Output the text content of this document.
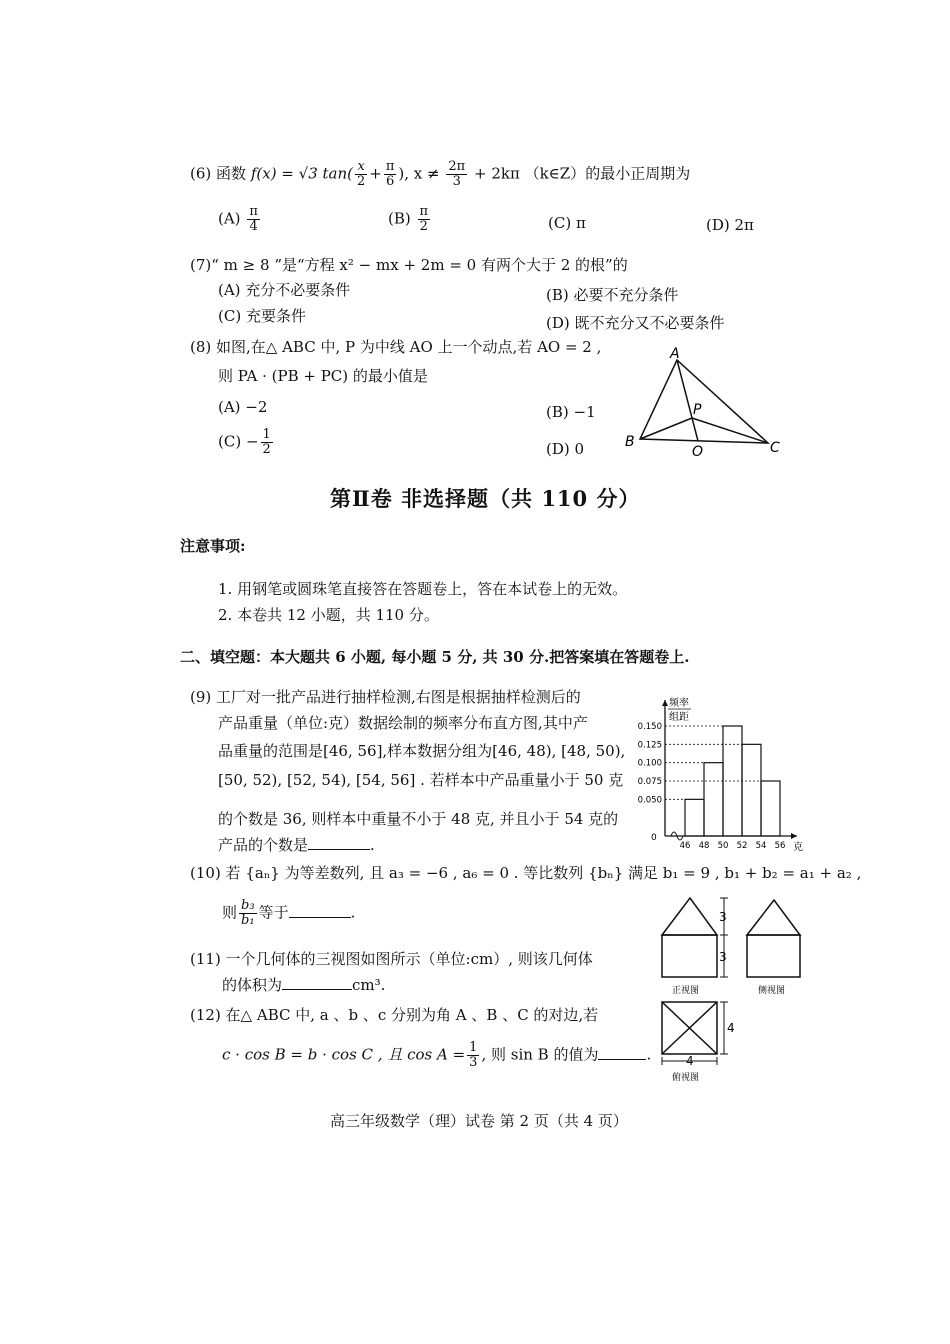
(6) 函数 f(x) = √3 $\tan( \frac{x}{2} + \frac{\pi}{6}$ ), $x \ne \frac{2\pi}{3} + 2k\pi$ （k∈Z）的最小正周期为
$(A) \frac{\pi}{4}$	$(B) \frac{\pi}{2}$	(C) π	(D) 2π
(7)“ m ≥ 8 ”是“方程 x² − mx + 2m = 0 有两个大于 2 的根”的
(A) 充分不必要条件	(B) 必要不充分条件
(C) 充要条件	(D) 既不充分又不必要条件
(8) 如图,在△ ABC 中, P 为中线 AO 上一个动点,若 AO = 2 ,
则 PA · (PB + PC) 的最小值是
(A) −2	(B) −1
$(C) - \frac{1}{2}$	(D) 0
A
B	C
P
O
第Ⅱ卷 非选择题（共 110 分）
注意事项:
1. 用钢笔或圆珠笔直接答在答题卷上，答在本试卷上的无效。
2. 本卷共 12 小题，共 110 分。
二、填空题：本大题共 6 小题, 每小题 5 分, 共 30 分.把答案填在答题卷上.
(9) 工厂对一批产品进行抽样检测,右图是根据抽样检测后的
产品重量（单位:克）数据绘制的频率分布直方图,其中产
品重量的范围是[46, 56],样本数据分组为[46, 48), [48, 50),
[50, 52), [52, 54), [54, 56] . 若样本中产品重量小于 50 克
的个数是 36, 则样本中重量不小于 48 克, 并且小于 54 克的
产品的个数是	.
频率
组距
0
克
0.150
0.125
0.100
0.075
0.050
46 48 50 52 54 56
(10) 若 {aₙ} 为等差数列, 且 a₃ = −6 , a₆ = 0 . 等比数列 {bₙ} 满足 b₁ = 9 , b₁ + b₂ = a₁ + a₂ ,
则 $\frac{\text{b₃}}{\text{b₁}}$ 等于	.
(11) 一个几何体的三视图如图所示（单位:cm）, 则该几何体
的体积为	cm³.
3
3
4
4
正视图	侧视图
俯视图
(12) 在△ ABC 中, a 、b 、c 分别为角 A 、B 、C 的对边,若
c · cos B = b · cos C , 且 $\cos A = \frac{1}{3}$ , 则 sin B 的值为	.
高三年级数学（理）试卷 第 2 页（共 4 页）
